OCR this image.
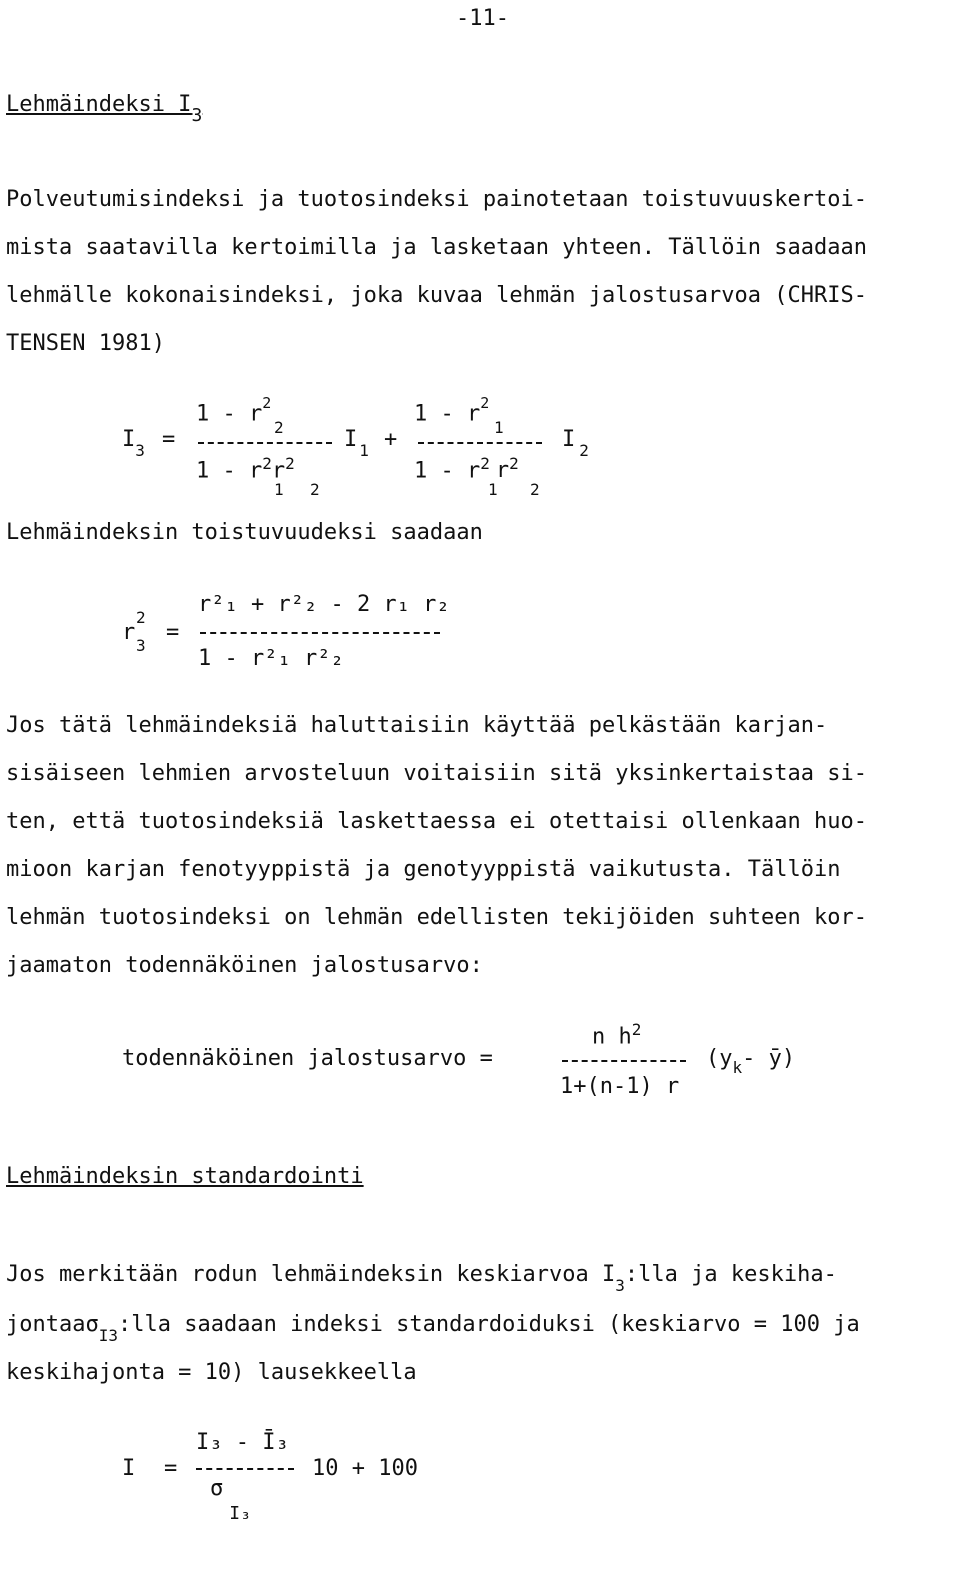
-11-
Lehmäindeksi $I_3$
Polveutumisindeksi ja tuotosindeksi painotetaan toistuvuuskertoi-
mista saatavilla kertoimilla ja lasketaan yhteen. Tällöin saadaan
lehmälle kokonaisindeksi, joka kuvaa lehmän jalostusarvoa (CHRIS-
TENSEN 1981)
$I_3$ =
$1 - r^2$
2
$1 - r^2r^2$
1 2
I $_1$ +
$1 - r^2$
1
$1 - r^2$ $r^2$
1 2
I $_2$
Lehmäindeksin toistuvuudeksi saadaan
r
2
3
=
r²₁ + r²₂ - 2 r₁ r₂
1 - r²₁ r²₂
Jos tätä lehmäindeksiä haluttaisiin käyttää pelkästään karjan-
sisäiseen lehmien arvosteluun voitaisiin sitä yksinkertaistaa si-
ten, että tuotosindeksiä laskettaessa ei otettaisi ollenkaan huo-
mioon karjan fenotyyppistä ja genotyyppistä vaikutusta. Tällöin
lehmän tuotosindeksi on lehmän edellisten tekijöiden suhteen kor-
jaamaton todennäköinen jalostusarvo:
todennäköinen jalostusarvo =
n $h^2$
1+(n-1) r
($y_k-$ ȳ)
Lehmäindeksin standardointi
Jos merkitään rodun lehmäindeksin keskiarvoa $I_3:lla$ ja keskiha-
jontaaσ$_{I3}$:lla saadaan indeksi standardoiduksi (keskiarvo = 100 ja
keskihajonta = 10) lausekkeella
I =
I₃ - Ī₃
$\sigma_{I_3}$
10 + 100
